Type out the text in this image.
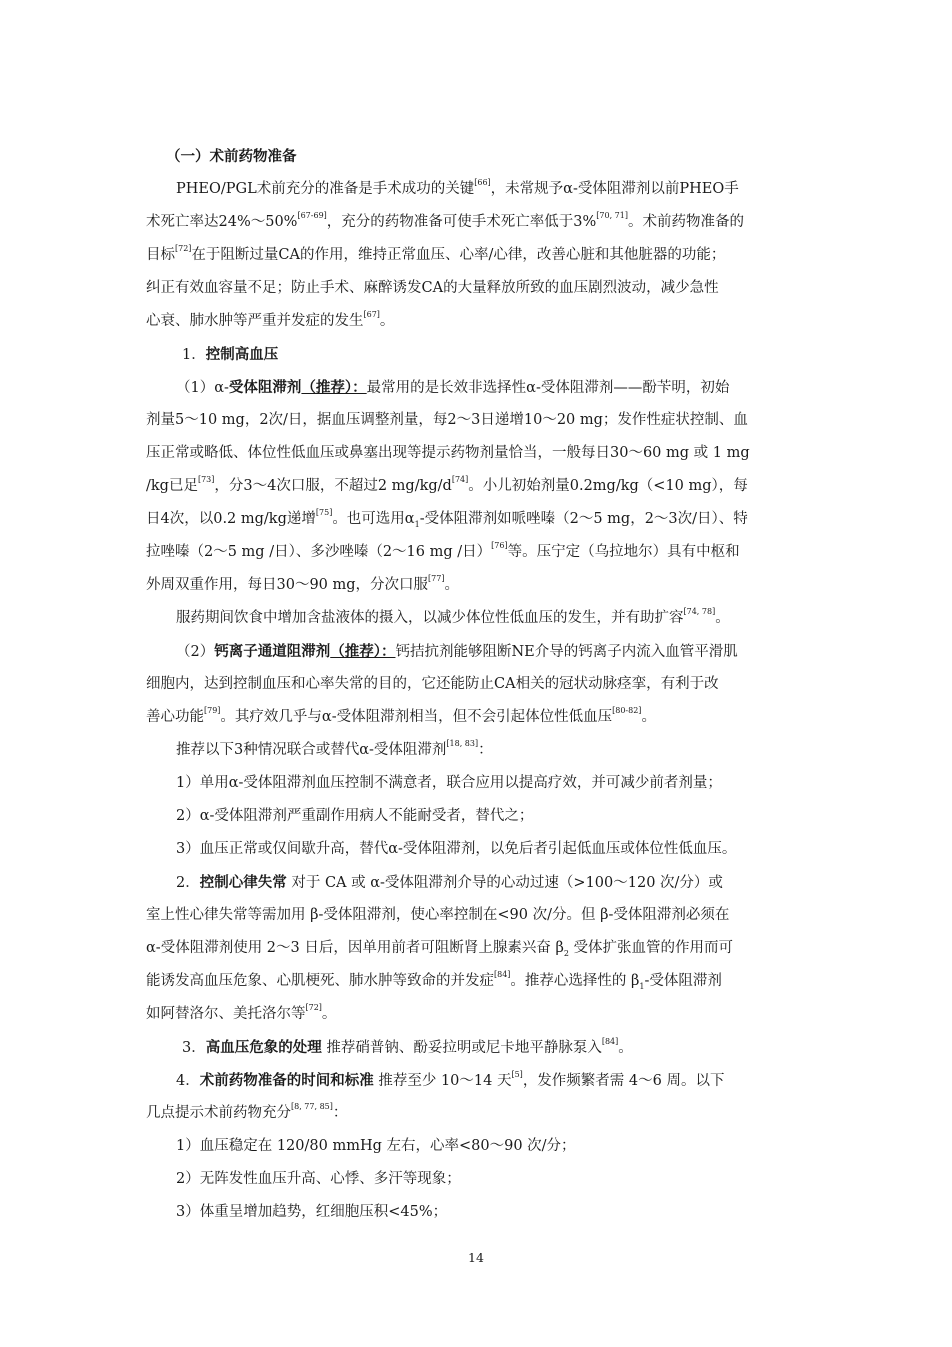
（一）术前药物准备
PHEO/PGL术前充分的准备是手术成功的关键[66]，未常规予α-受体阻滞剂以前PHEO手
术死亡率达24%～50%[67-69]，充分的药物准备可使手术死亡率低于3%[70, 71]。术前药物准备的
目标[72]在于阻断过量CA的作用，维持正常血压、心率/心律，改善心脏和其他脏器的功能；
纠正有效血容量不足；防止手术、麻醉诱发CA的大量释放所致的血压剧烈波动，减少急性
心衰、肺水肿等严重并发症的发生[67]。
1．控制高血压
（1）α-受体阻滞剂（推荐）：最常用的是长效非选择性α-受体阻滞剂——酚苄明，初始
剂量5～10 mg，2次/日，据血压调整剂量，每2～3日递增10～20 mg；发作性症状控制、血
压正常或略低、体位性低血压或鼻塞出现等提示药物剂量恰当，一般每日30～60 mg 或 1 mg
/kg已足[73]，分3～4次口服，不超过2 mg/kg/d[74]。小儿初始剂量0.2mg/kg（<10 mg），每
日4次，以0.2 mg/kg递增[75]。也可选用$\alpha_1-$受体阻滞剂如哌唑嗪（2～5 mg，2～3次/日）、特
拉唑嗪（2～5 mg /日）、多沙唑嗪（2～16 mg /日）[76]等。压宁定（乌拉地尔）具有中枢和
外周双重作用，每日30～90 mg，分次口服[77]。
服药期间饮食中增加含盐液体的摄入，以减少体位性低血压的发生，并有助扩容[74, 78]。
（2）钙离子通道阻滞剂（推荐）：钙拮抗剂能够阻断NE介导的钙离子内流入血管平滑肌
细胞内，达到控制血压和心率失常的目的，它还能防止CA相关的冠状动脉痉挛，有利于改
善心功能[79]。其疗效几乎与α-受体阻滞剂相当，但不会引起体位性低血压[80-82]。
推荐以下3种情况联合或替代α-受体阻滞剂[18, 83]：
1）单用α-受体阻滞剂血压控制不满意者，联合应用以提高疗效，并可减少前者剂量；
2）α-受体阻滞剂严重副作用病人不能耐受者，替代之；
3）血压正常或仅间歇升高，替代α-受体阻滞剂，以免后者引起低血压或体位性低血压。
2．控制心律失常 对于 CA 或 α-受体阻滞剂介导的心动过速（>100～120 次/分）或
室上性心律失常等需加用 β-受体阻滞剂，使心率控制在<90 次/分。但 β-受体阻滞剂必须在
α-受体阻滞剂使用 2～3 日后，因单用前者可阻断肾上腺素兴奋 $\beta_2$ 受体扩张血管的作用而可
能诱发高血压危象、心肌梗死、肺水肿等致命的并发症[84]。推荐心选择性的 $\beta_1-$受体阻滞剂
如阿替洛尔、美托洛尔等[72]。
3．高血压危象的处理 推荐硝普钠、酚妥拉明或尼卡地平静脉泵入[84]。
4．术前药物准备的时间和标准 推荐至少 10～14 天[5]，发作频繁者需 4～6 周。以下
几点提示术前药物充分[8, 77, 85]：
1）血压稳定在 120/80 mmHg 左右，心率<80～90 次/分；
2）无阵发性血压升高、心悸、多汗等现象；
3）体重呈增加趋势，红细胞压积<45%；
14
